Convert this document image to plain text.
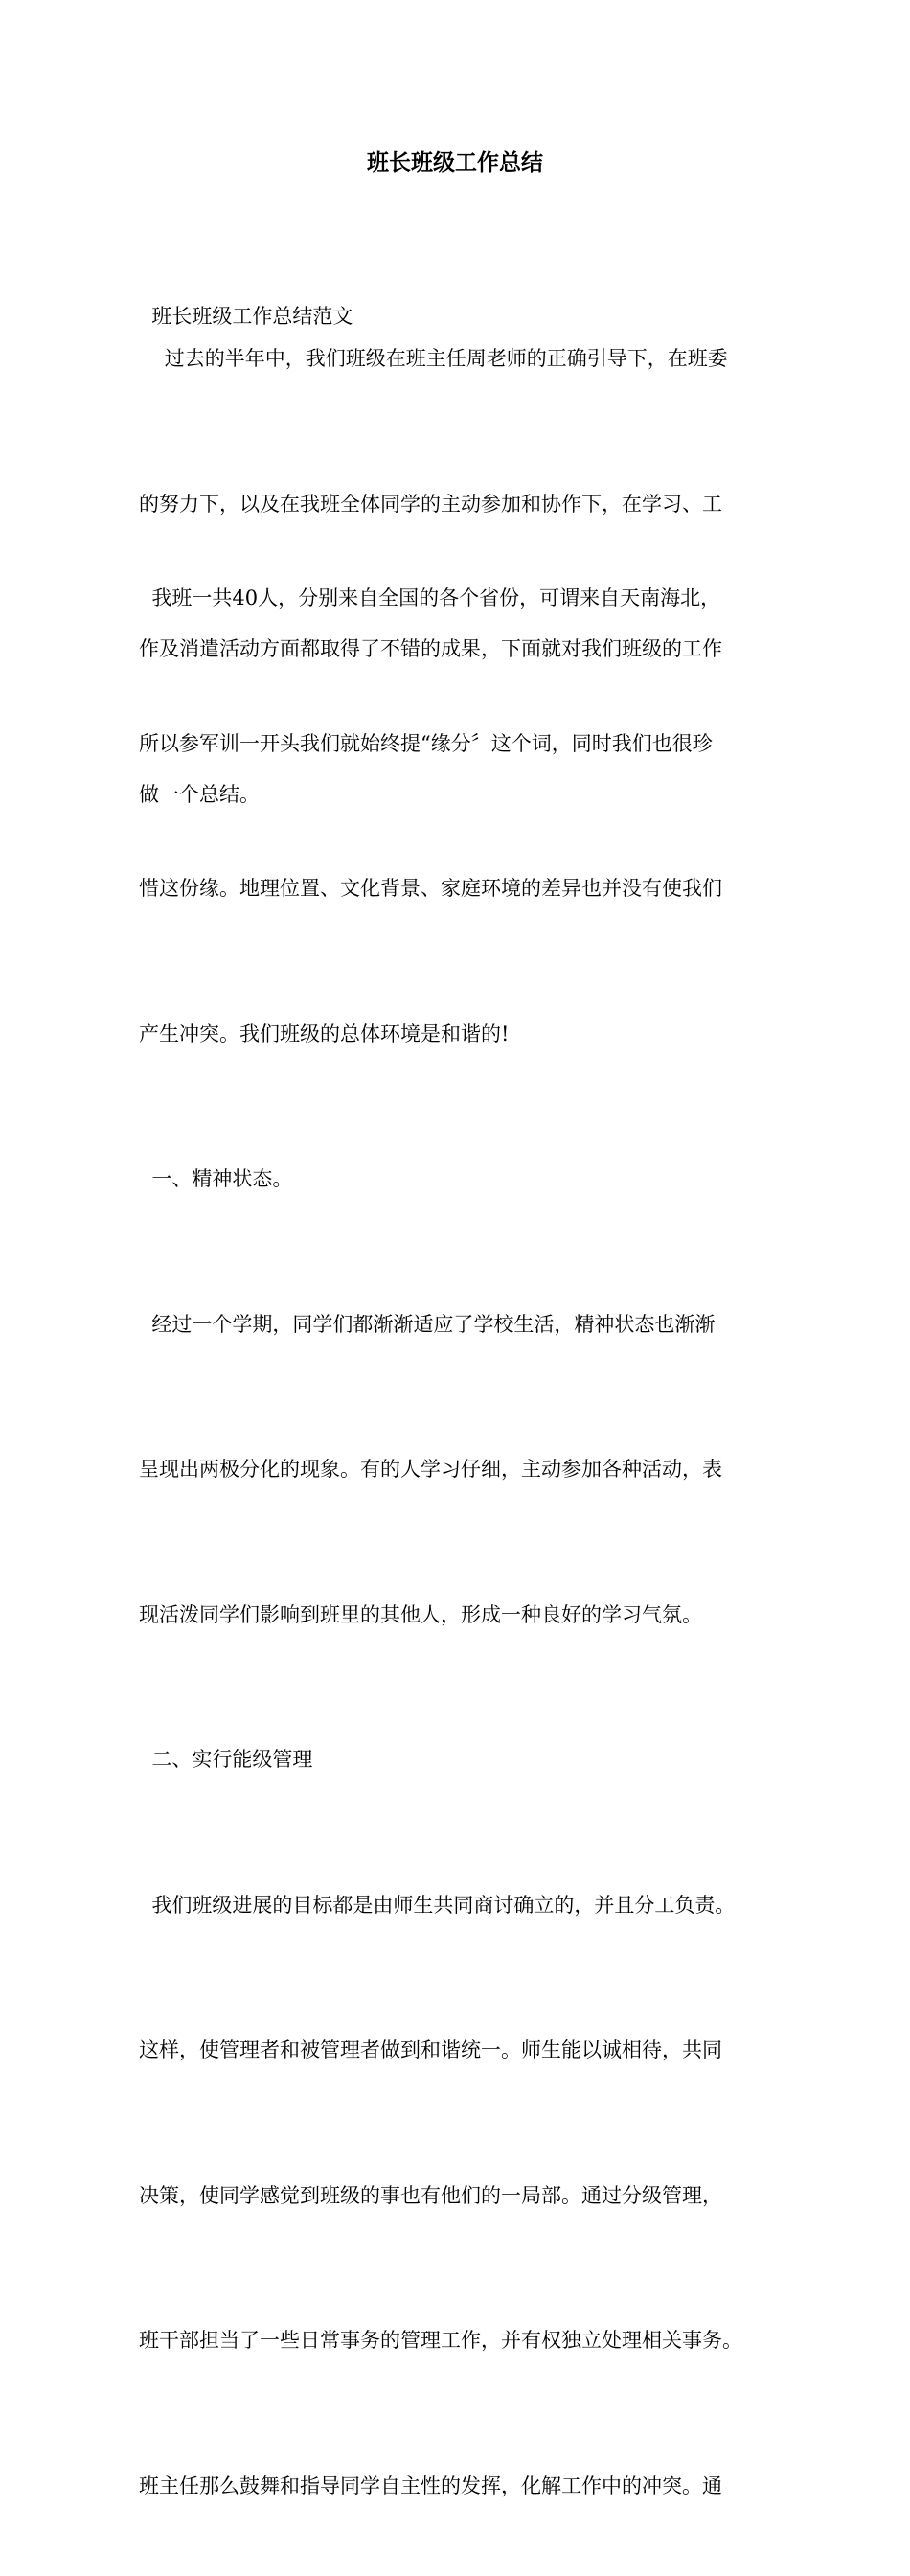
班长班级工作总结

班长班级工作总结范文

过去的半年中，我们班级在班主任周老师的正确引导下，在班委

的努力下，以及在我班全体同学的主动参加和协作下，在学习、工

作及消遣活动方面都取得了不错的成果，下面就对我们班级的工作

做一个总结。

我班一共40人，分别来自全国的各个省份，可谓来自天南海北，

所以参军训一开头我们就始终提“缘分〞这个词，同时我们也很珍

惜这份缘。地理位置、文化背景、家庭环境的差异也并没有使我们

产生冲突。我们班级的总体环境是和谐的!

一、精神状态。

经过一个学期，同学们都渐渐适应了学校生活，精神状态也渐渐

呈现出两极分化的现象。有的人学习仔细，主动参加各种活动，表

现活泼同学们影响到班里的其他人，形成一种良好的学习气氛。

二、实行能级管理

我们班级进展的目标都是由师生共同商讨确立的，并且分工负责。

这样，使管理者和被管理者做到和谐统一。师生能以诚相待，共同

决策，使同学感觉到班级的事也有他们的一局部。通过分级管理，

班干部担当了一些日常事务的管理工作，并有权独立处理相关事务。

班主任那么鼓舞和指导同学自主性的发挥，化解工作中的冲突。通
